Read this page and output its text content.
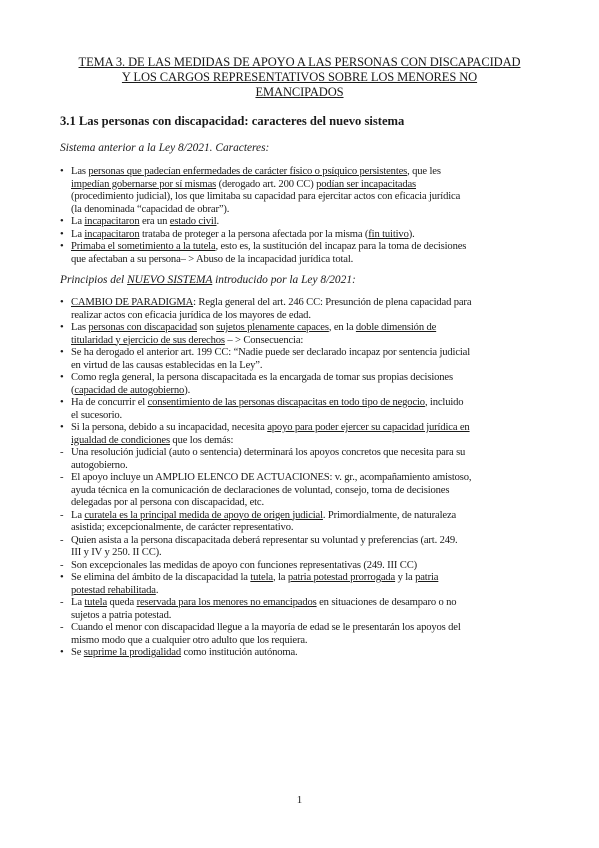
TEMA 3. DE LAS MEDIDAS DE APOYO A LAS PERSONAS CON DISCAPACIDAD
Y LOS CARGOS REPRESENTATIVOS SOBRE LOS MENORES NO
EMANCIPADOS
3.1 Las personas con discapacidad: caracteres del nuevo sistema
Sistema anterior a la Ley 8/2021. Caracteres:
• Las personas que padecían enfermedades de carácter físico o psíquico persistentes, que les
impedían gobernarse por sí mismas (derogado art. 200 CC) podían ser incapacitadas
(procedimiento judicial), los que limitaba su capacidad para ejercitar actos con eficacia jurídica
(la denominada “capacidad de obrar”).
• La incapacitaron era un estado civil.
• La incapacitaron trataba de proteger a la persona afectada por la misma (fin tuitivo).
• Primaba el sometimiento a la tutela, esto es, la sustitución del incapaz para la toma de decisiones
que afectaban a su persona– > Abuso de la incapacidad jurídica total.
Principios del NUEVO SISTEMA introducido por la Ley 8/2021:
• CAMBIO DE PARADIGMA: Regla general del art. 246 CC: Presunción de plena capacidad para
realizar actos con eficacia jurídica de los mayores de edad.
• Las personas con discapacidad son sujetos plenamente capaces, en la doble dimensión de
titularidad y ejercicio de sus derechos – > Consecuencia:
• Se ha derogado el anterior art. 199 CC: “Nadie puede ser declarado incapaz por sentencia judicial
en virtud de las causas establecidas en la Ley”.
• Como regla general, la persona discapacitada es la encargada de tomar sus propias decisiones
(capacidad de autogobierno).
• Ha de concurrir el consentimiento de las personas discapacitas en todo tipo de negocio, incluido
el sucesorio.
• Si la persona, debido a su incapacidad, necesita apoyo para poder ejercer su capacidad jurídica en
igualdad de condiciones que los demás:
- Una resolución judicial (auto o sentencia) determinará los apoyos concretos que necesita para su
autogobierno.
- El apoyo incluye un AMPLIO ELENCO DE ACTUACIONES: v. gr., acompañamiento amistoso,
ayuda técnica en la comunicación de declaraciones de voluntad, consejo, toma de decisiones
delegadas por al persona con discapacidad, etc.
- La curatela es la principal medida de apoyo de origen judicial. Primordialmente, de naturaleza
asistida; excepcionalmente, de carácter representativo.
- Quien asista a la persona discapacitada deberá representar su voluntad y preferencias (art. 249.
III y IV y 250. II CC).
- Son excepcionales las medidas de apoyo con funciones representativas (249. III CC)
• Se elimina del ámbito de la discapacidad la tutela, la patria potestad prorrogada y la patria
potestad rehabilitada.
- La tutela queda reservada para los menores no emancipados en situaciones de desamparo o no
sujetos a patria potestad.
- Cuando el menor con discapacidad llegue a la mayoría de edad se le presentarán los apoyos del
mismo modo que a cualquier otro adulto que los requiera.
• Se suprime la prodigalidad como institución autónoma.
1
